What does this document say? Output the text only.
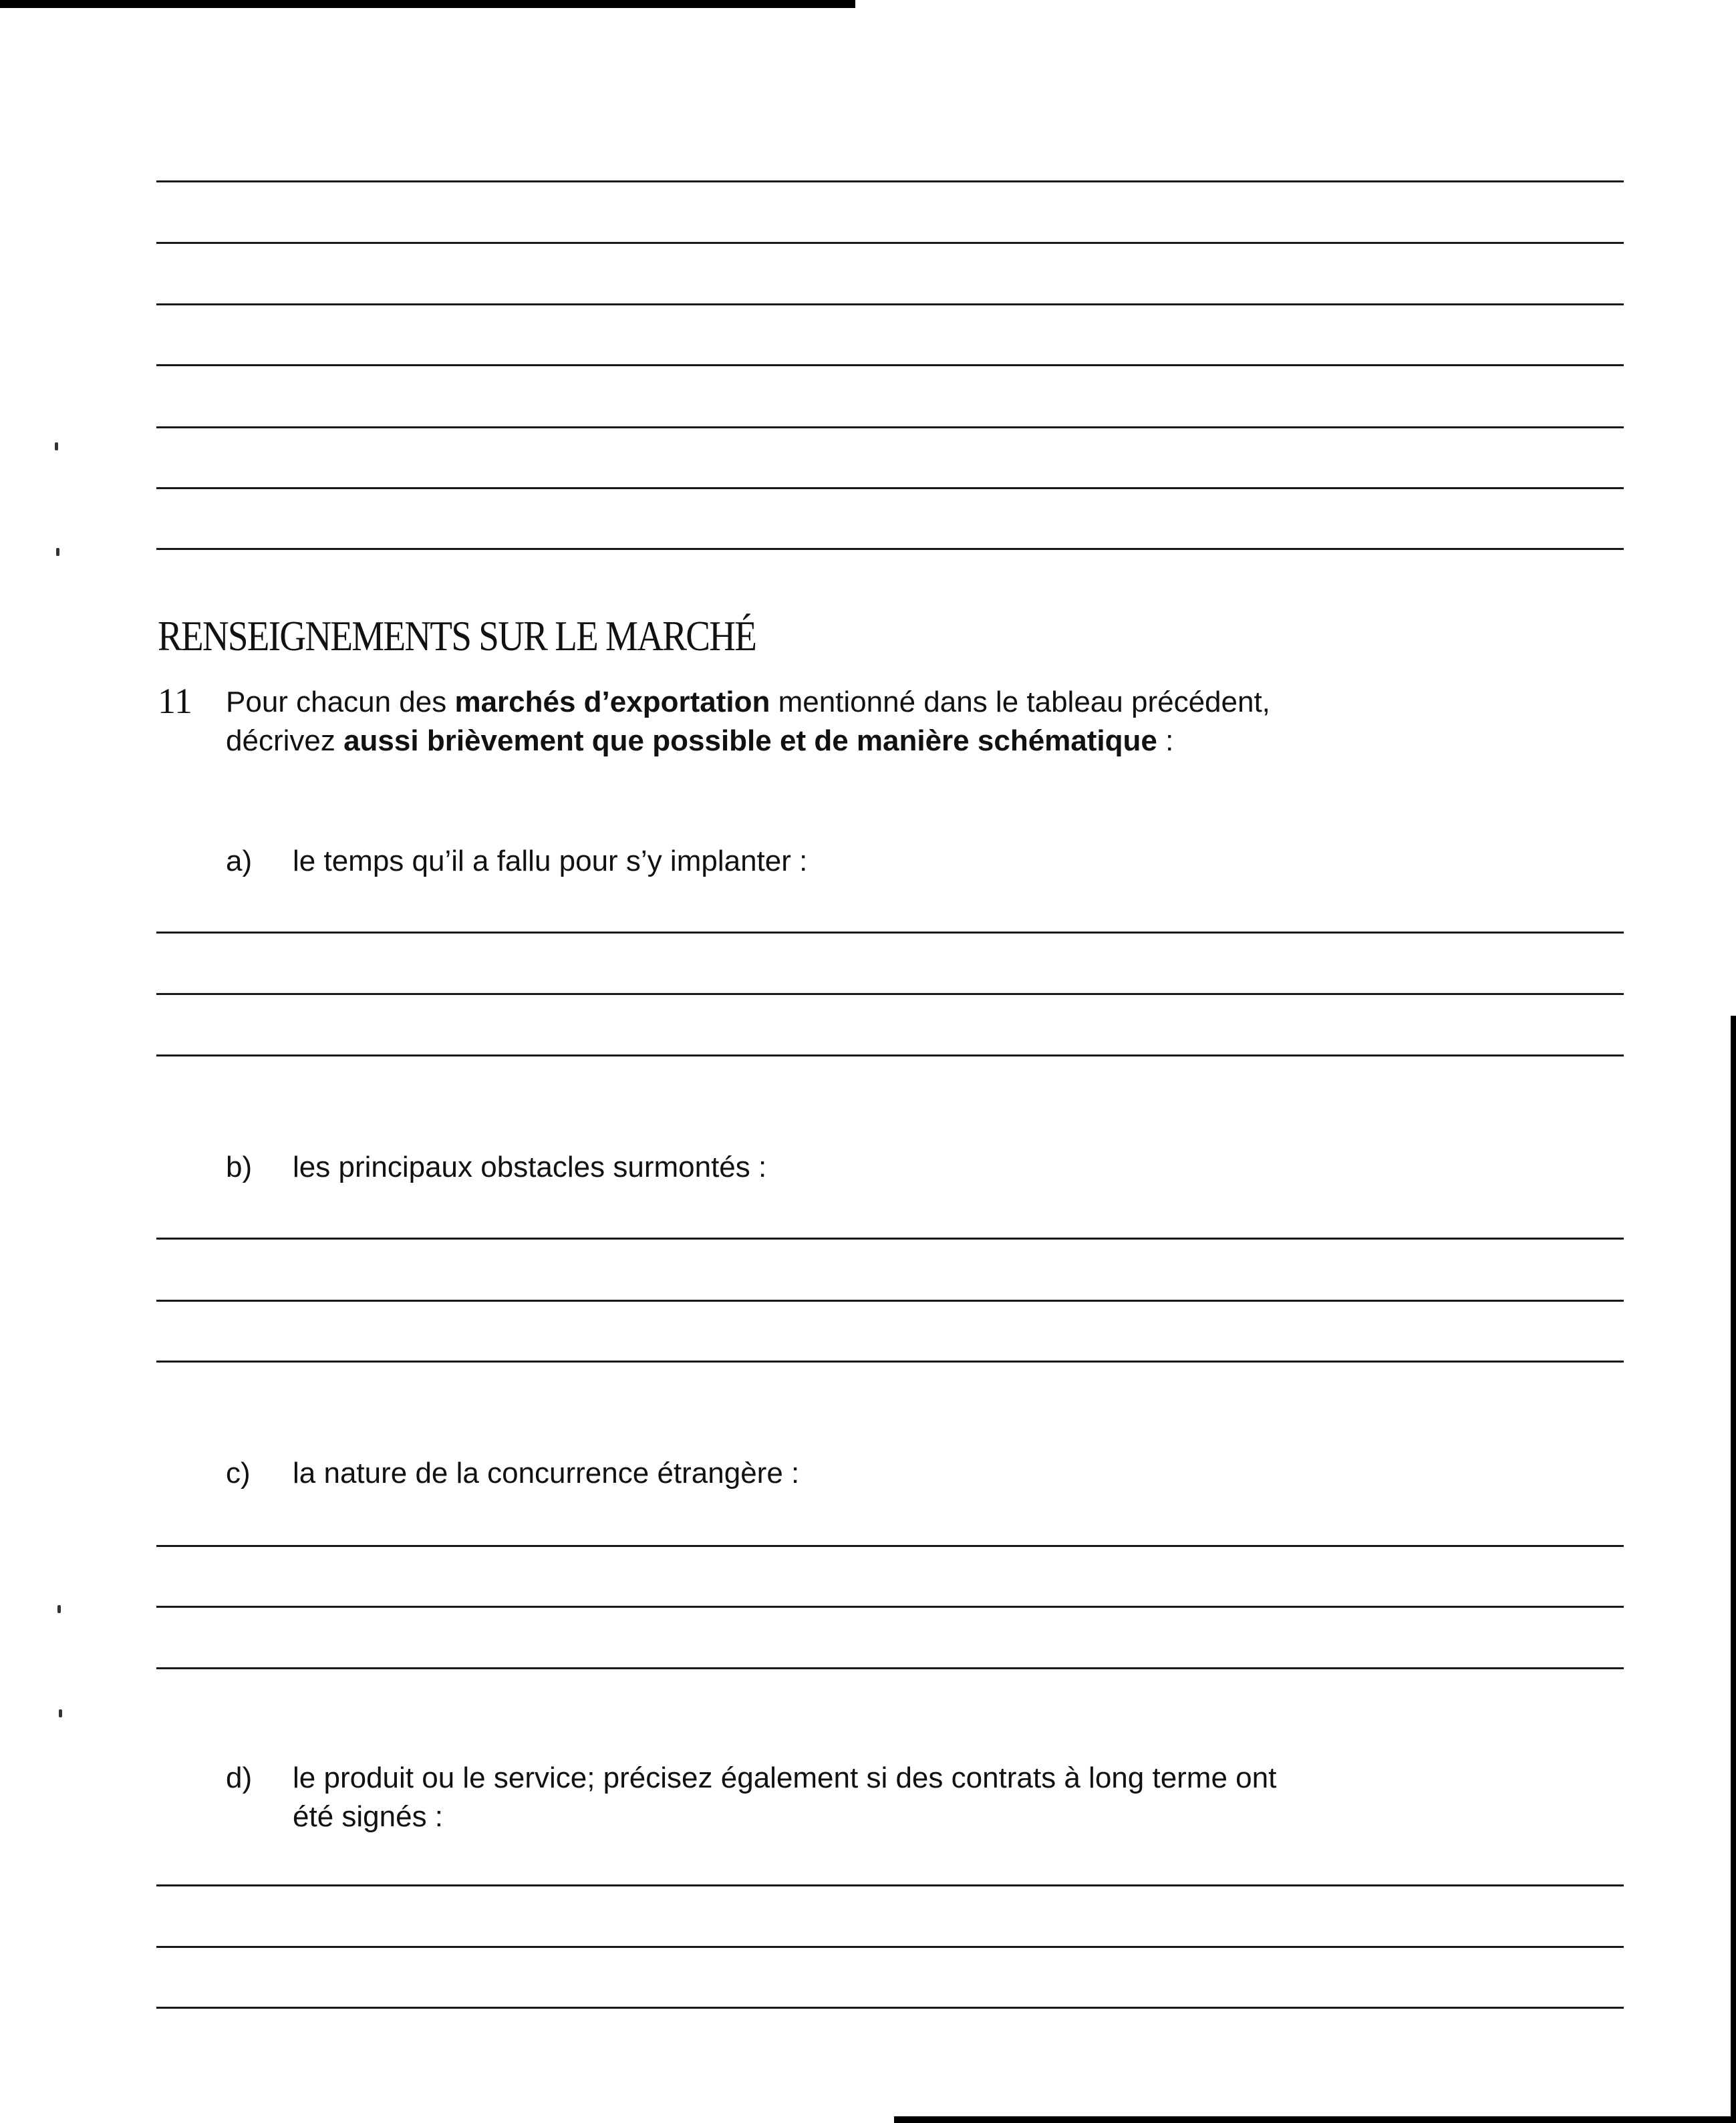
RENSEIGNEMENTS SUR LE MARCHÉ
11 Pour chacun des marchés d’exportation mentionné dans le tableau précédent,
décrivez aussi brièvement que possible et de manière schématique :

a) le temps qu’il a fallu pour s’y implanter :
b) les principaux obstacles surmontés :
c) la nature de la concurrence étrangère :
d) le produit ou le service; précisez également si des contrats à long terme ont
été signés :
